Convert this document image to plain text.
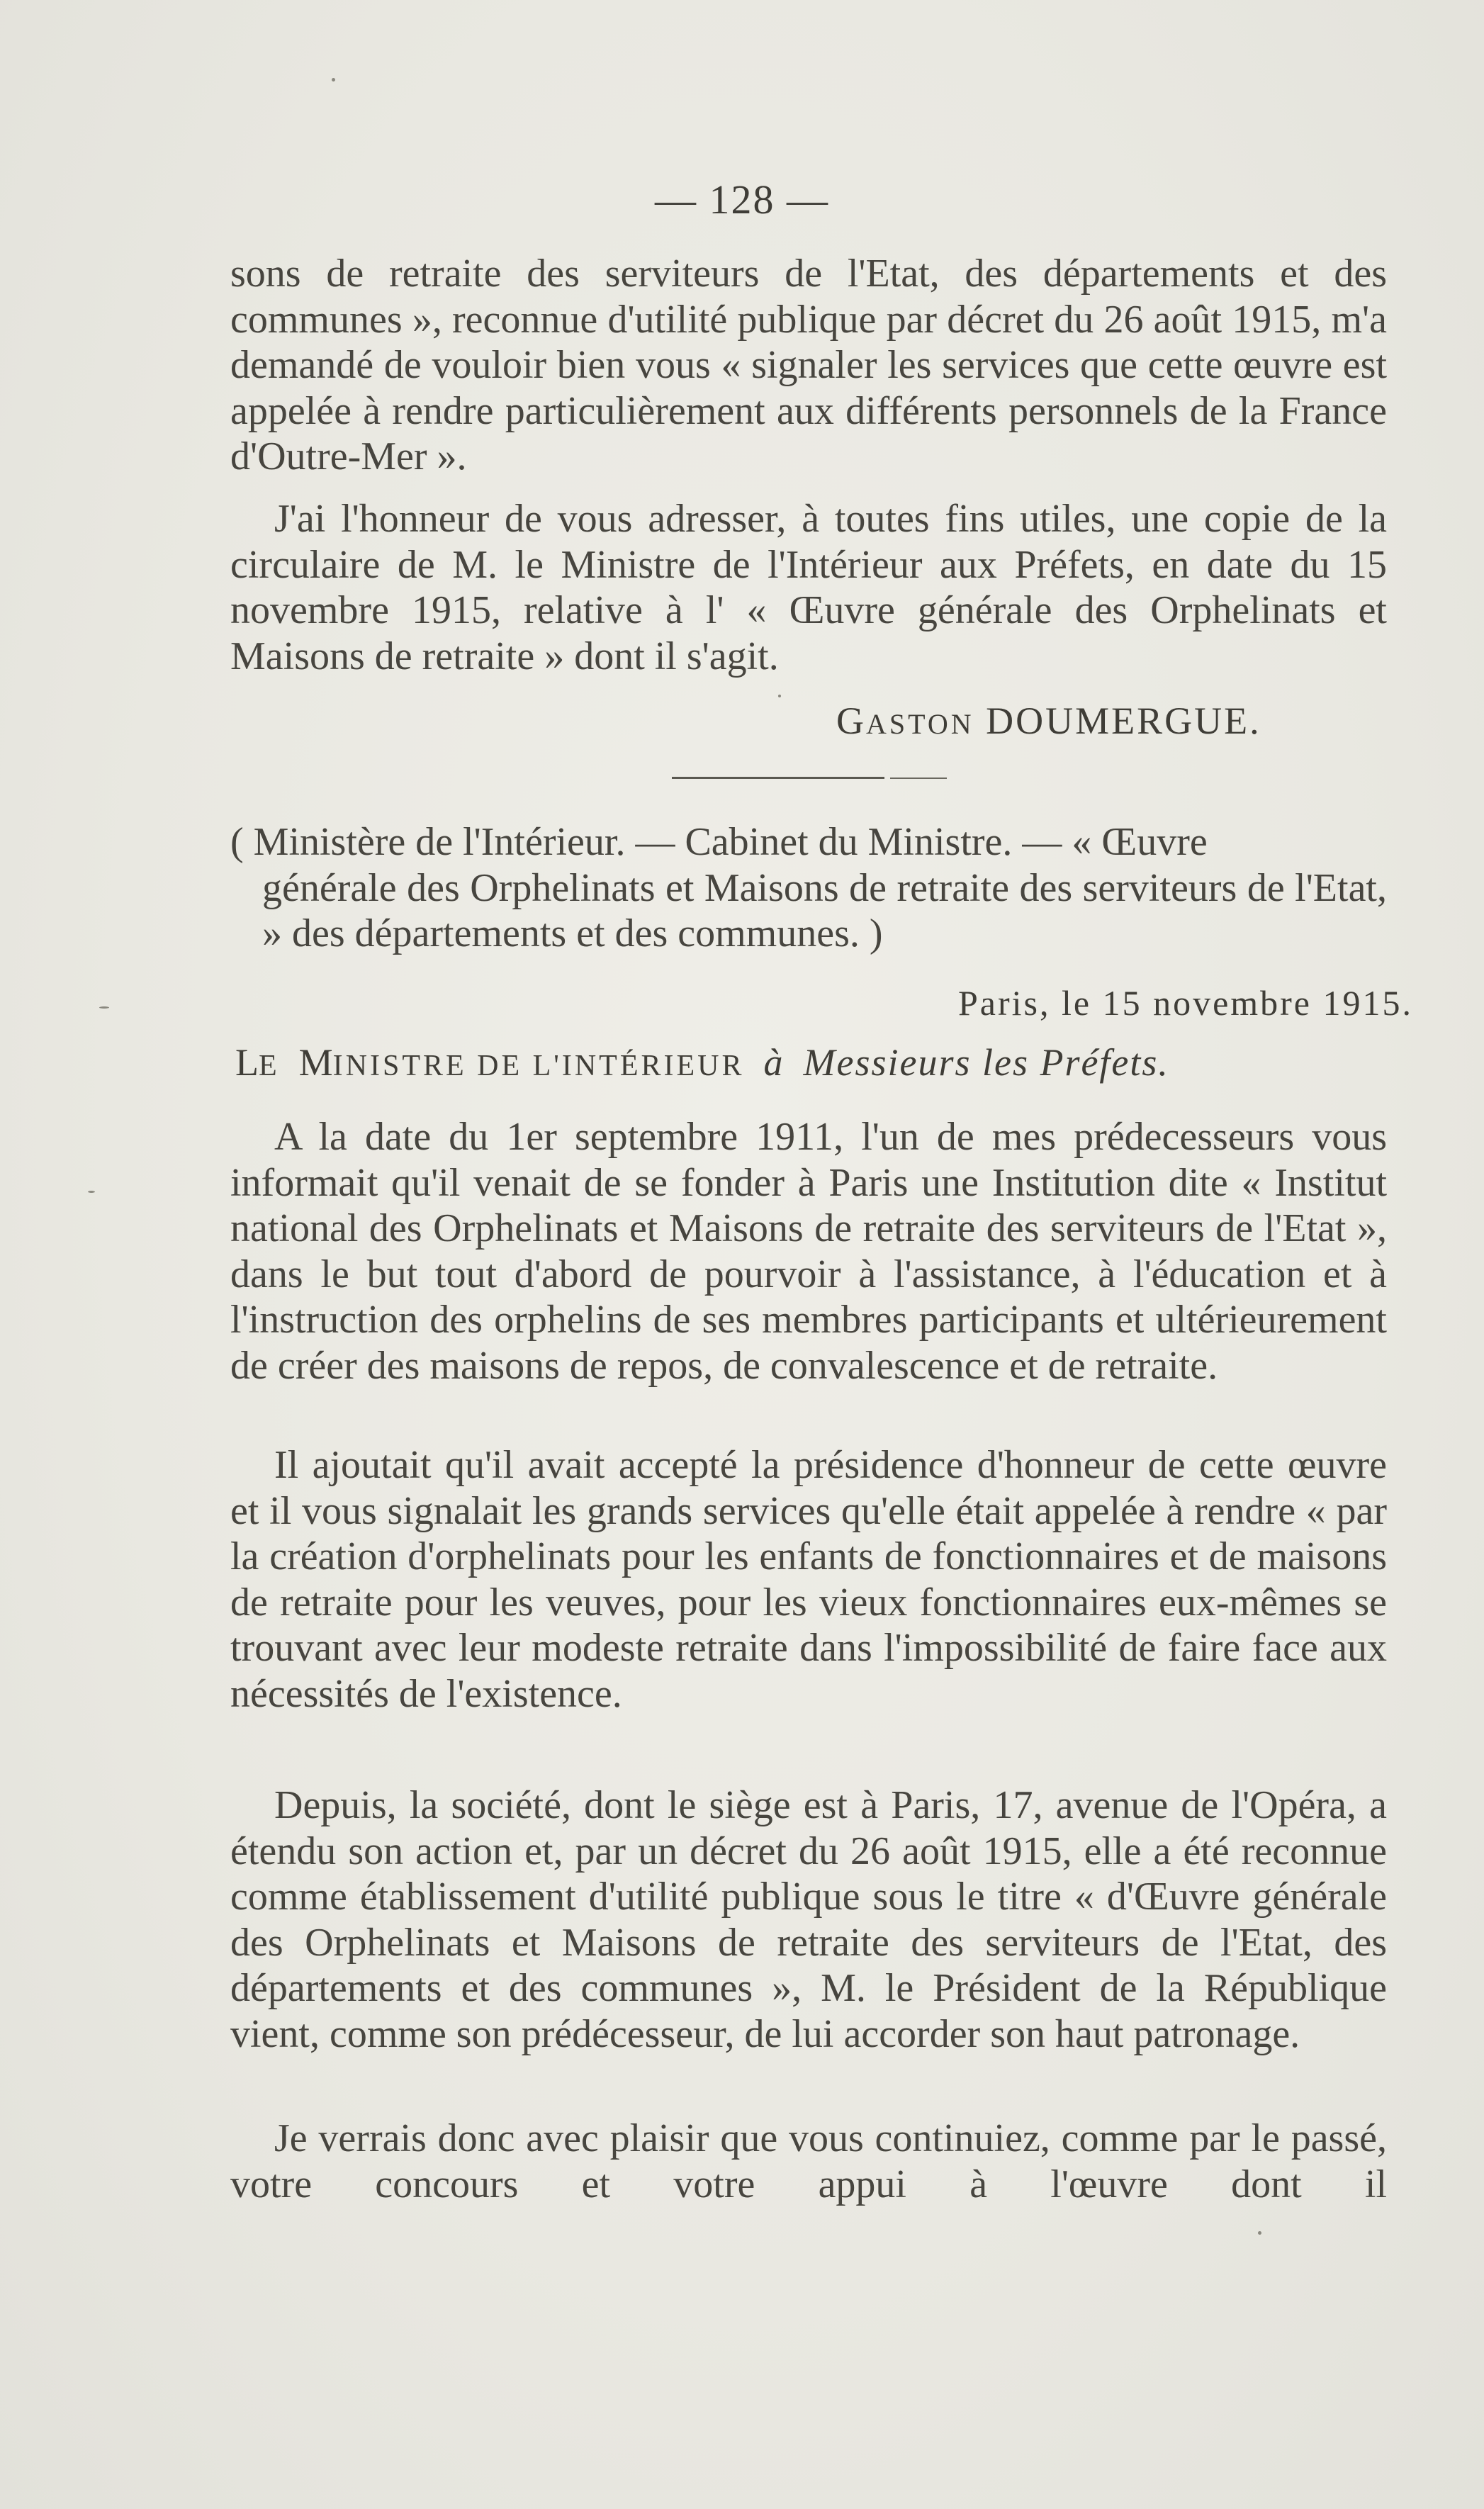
— 128 —

sons de retraite des serviteurs de l'Etat, des départements et des communes », reconnue d'utilité publique par décret du 26 août 1915, m'a demandé de vouloir bien vous « signaler les services que cette œuvre est appelée à rendre particulièrement aux différents personnels de la France d'Outre-Mer ».

J'ai l'honneur de vous adresser, à toutes fins utiles, une copie de la circulaire de M. le Ministre de l'Intérieur aux Préfets, en date du 15 novembre 1915, relative à l' « Œuvre générale des Orphelinats et Maisons de retraite » dont il s'agit.

GASTON DOUMERGUE.
( Ministère de l'Intérieur. — Cabinet du Ministre. — « Œuvre
générale des Orphelinats et Maisons de retraite des serviteurs de l'Etat, » des départements et des communes. )
Paris, le 15 novembre 1915.
LE MINISTRE DE L'INTÉRIEUR à Messieurs les Préfets.

A la date du 1er septembre 1911, l'un de mes prédecesseurs vous informait qu'il venait de se fonder à Paris une Institution dite « Institut national des Orphelinats et Maisons de retraite des serviteurs de l'Etat », dans le but tout d'abord de pourvoir à l'assistance, à l'éducation et à l'instruction des orphelins de ses membres participants et ultérieurement de créer des maisons de repos, de convalescence et de retraite.

Il ajoutait qu'il avait accepté la présidence d'honneur de cette œuvre et il vous signalait les grands services qu'elle était appelée à rendre « par la création d'orphelinats pour les enfants de fonctionnaires et de maisons de retraite pour les veuves, pour les vieux fonctionnaires eux-mêmes se trouvant avec leur modeste retraite dans l'impossibilité de faire face aux nécessités de l'existence.

Depuis, la société, dont le siège est à Paris, 17, avenue de l'Opéra, a étendu son action et, par un décret du 26 août 1915, elle a été reconnue comme établissement d'utilité publique sous le titre « d'Œuvre générale des Orphelinats et Maisons de retraite des serviteurs de l'Etat, des départements et des communes », M. le Président de la République vient, comme son prédécesseur, de lui accorder son haut patronage.

Je verrais donc avec plaisir que vous continuiez, comme par le passé, votre concours et votre appui à l'œuvre dont il
